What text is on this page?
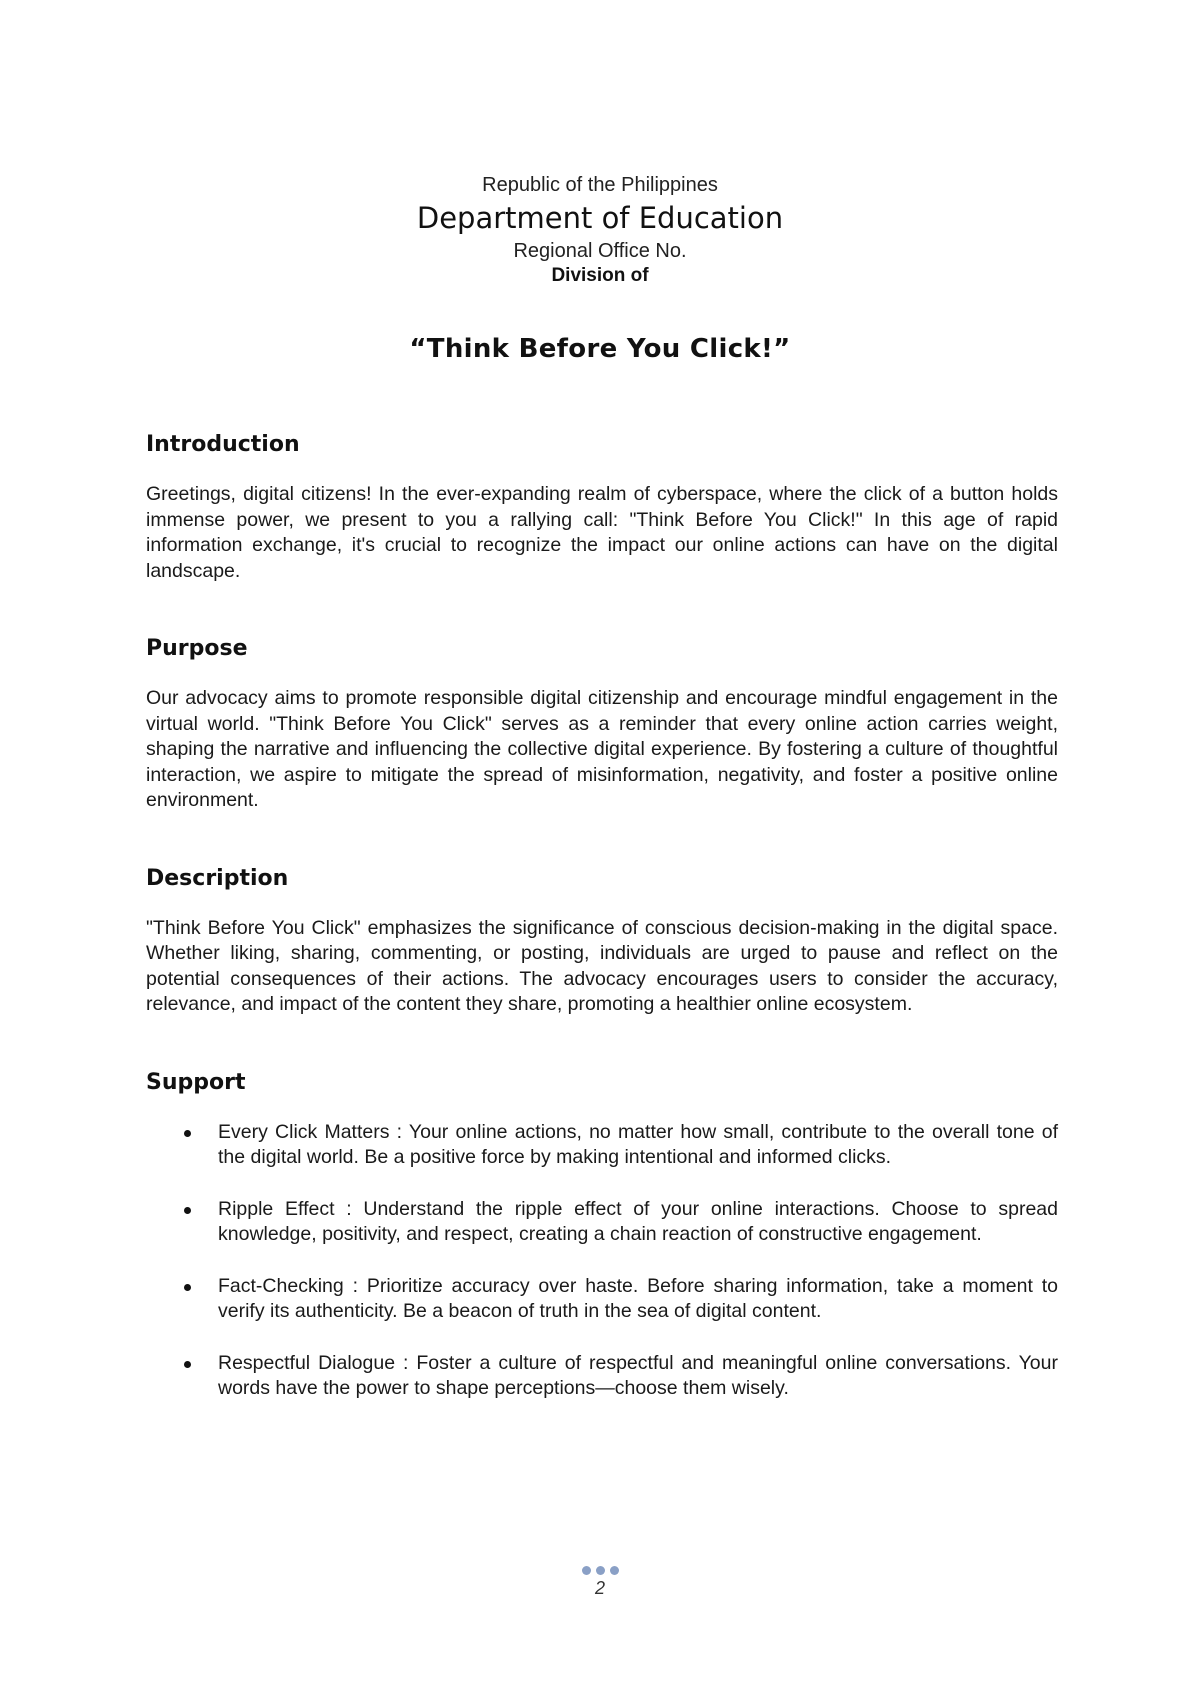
Republic of the Philippines
Department of Education
Regional Office No.
Division of
“Think Before You Click!”
Introduction

Greetings, digital citizens! In the ever-expanding realm of cyberspace, where the click of a button holds immense power, we present to you a rallying call: "Think Before You Click!" In this age of rapid information exchange, it's crucial to recognize the impact our online actions can have on the digital landscape.

Purpose

Our advocacy aims to promote responsible digital citizenship and encourage mindful engagement in the virtual world. "Think Before You Click" serves as a reminder that every online action carries weight, shaping the narrative and influencing the collective digital experience. By fostering a culture of thoughtful interaction, we aspire to mitigate the spread of misinformation, negativity, and foster a positive online environment.

Description

"Think Before You Click" emphasizes the significance of conscious decision-making in the digital space. Whether liking, sharing, commenting, or posting, individuals are urged to pause and reflect on the potential consequences of their actions. The advocacy encourages users to consider the accuracy, relevance, and impact of the content they share, promoting a healthier online ecosystem.

Support
Every Click Matters : Your online actions, no matter how small, contribute to the overall tone of the digital world. Be a positive force by making intentional and informed clicks.
Ripple Effect : Understand the ripple effect of your online interactions. Choose to spread knowledge, positivity, and respect, creating a chain reaction of constructive engagement.
Fact-Checking : Prioritize accuracy over haste. Before sharing information, take a moment to verify its authenticity. Be a beacon of truth in the sea of digital content.
Respectful Dialogue : Foster a culture of respectful and meaningful online conversations. Your words have the power to shape perceptions—choose them wisely.
2
